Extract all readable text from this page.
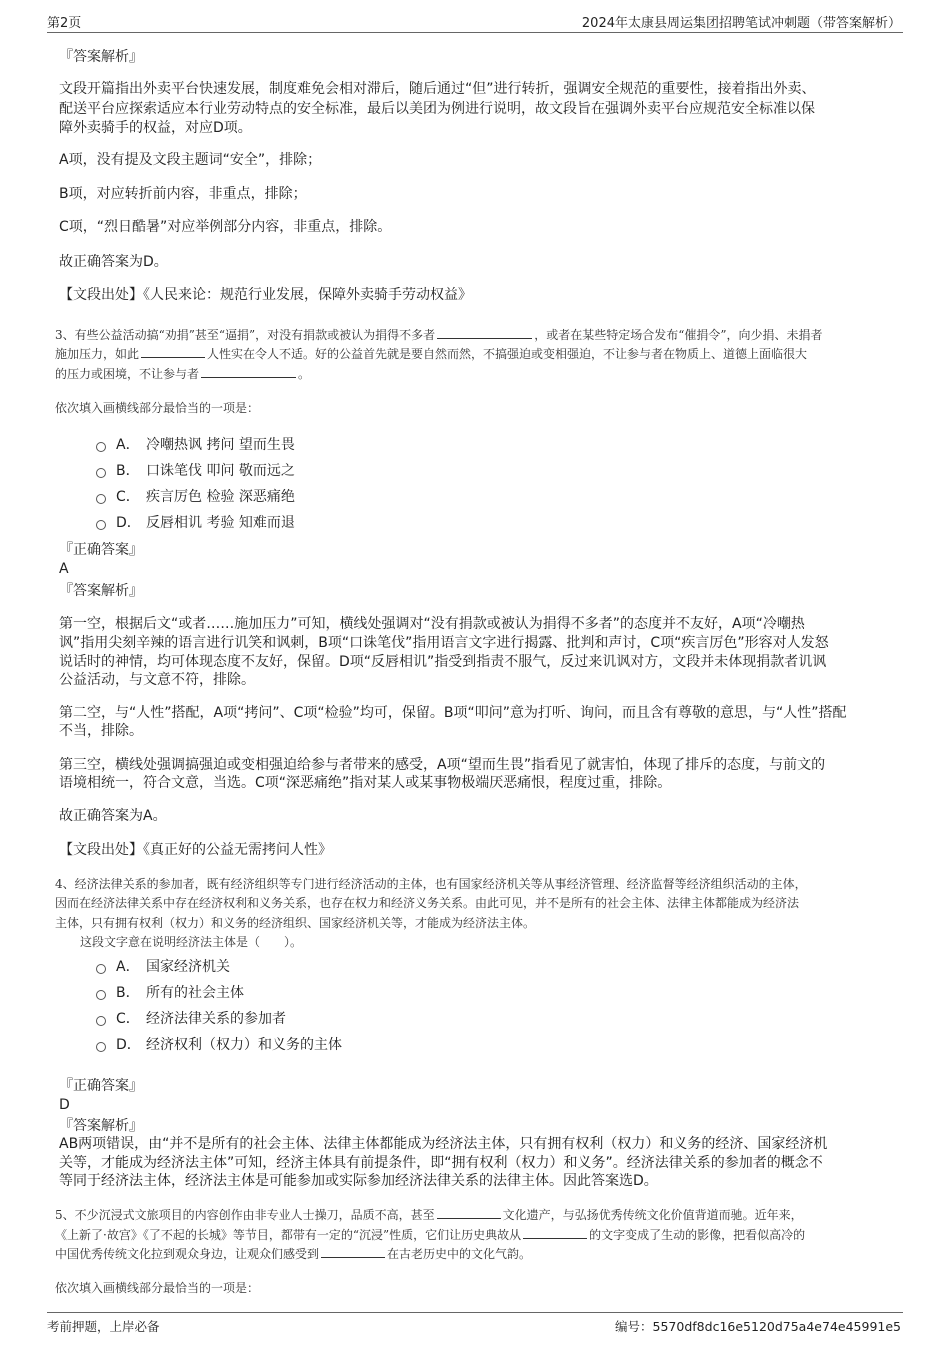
第2页	2024年太康县周运集团招聘笔试冲刺题（带答案解析）
『答案解析』
文段开篇指出外卖平台快速发展，制度难免会相对滞后，随后通过“但”进行转折，强调安全规范的重要性，接着指出外卖、
配送平台应探索适应本行业劳动特点的安全标准，最后以美团为例进行说明，故文段旨在强调外卖平台应规范安全标准以保
障外卖骑手的权益，对应D项。
A项，没有提及文段主题词“安全”，排除；
B项，对应转折前内容，非重点，排除；
C项，“烈日酷暑”对应举例部分内容，非重点，排除。
故正确答案为D。
【文段出处】《人民来论：规范行业发展，保障外卖骑手劳动权益》
3、有些公益活动搞“劝捐”甚至“逼捐”，对没有捐款或被认为捐得不多者	，或者在某些特定场合发布“催捐令”，向少捐、未捐者
施加压力，如此	人性实在令人不适。好的公益首先就是要自然而然，不搞强迫或变相强迫，不让参与者在物质上、道德上面临很大
的压力或困境，不让参与者	。
依次填入画横线部分最恰当的一项是：
A． 冷嘲热讽 拷问 望而生畏
B． 口诛笔伐 叩问 敬而远之
C． 疾言厉色 检验 深恶痛绝
D． 反唇相讥 考验 知难而退
『正确答案』
A
『答案解析』
第一空，根据后文“或者……施加压力”可知，横线处强调对“没有捐款或被认为捐得不多者”的态度并不友好，A项“冷嘲热
讽”指用尖刻辛辣的语言进行讥笑和讽刺，B项“口诛笔伐”指用语言文字进行揭露、批判和声讨，C项“疾言厉色”形容对人发怒
说话时的神情，均可体现态度不友好，保留。D项“反唇相讥”指受到指责不服气，反过来讥讽对方，文段并未体现捐款者讥讽
公益活动，与文意不符，排除。
第二空，与“人性”搭配，A项“拷问”、C项“检验”均可，保留。B项“叩问”意为打听、询问，而且含有尊敬的意思，与“人性”搭配
不当，排除。
第三空，横线处强调搞强迫或变相强迫给参与者带来的感受，A项“望而生畏”指看见了就害怕，体现了排斥的态度，与前文的
语境相统一，符合文意，当选。C项“深恶痛绝”指对某人或某事物极端厌恶痛恨，程度过重，排除。
故正确答案为A。
【文段出处】《真正好的公益无需拷问人性》
4、经济法律关系的参加者，既有经济组织等专门进行经济活动的主体，也有国家经济机关等从事经济管理、经济监督等经济组织活动的主体，
因而在经济法律关系中存在经济权利和义务关系，也存在权力和经济义务关系。由此可见，并不是所有的社会主体、法律主体都能成为经济法
主体，只有拥有权利（权力）和义务的经济组织、国家经济机关等，才能成为经济法主体。
这段文字意在说明经济法主体是（　　）。
A． 国家经济机关
B． 所有的社会主体
C． 经济法律关系的参加者
D． 经济权利（权力）和义务的主体
『正确答案』
D
『答案解析』
AB两项错误，由“并不是所有的社会主体、法律主体都能成为经济法主体，只有拥有权利（权力）和义务的经济、国家经济机
关等，才能成为经济法主体”可知，经济主体具有前提条件，即“拥有权利（权力）和义务”。经济法律关系的参加者的概念不
等同于经济法主体，经济法主体是可能参加或实际参加经济法律关系的法律主体。因此答案选D。
5、不少沉浸式文旅项目的内容创作由非专业人士操刀，品质不高，甚至	文化遗产，与弘扬优秀传统文化价值背道而驰。近年来，
《上新了·故宫》《了不起的长城》等节目，都带有一定的“沉浸”性质，它们让历史典故从	的文字变成了生动的影像，把看似高冷的
中国优秀传统文化拉到观众身边，让观众们感受到	在古老历史中的文化气韵。
依次填入画横线部分最恰当的一项是：
考前押题，上岸必备	编号：5570df8dc16e5120d75a4e74e45991e5
